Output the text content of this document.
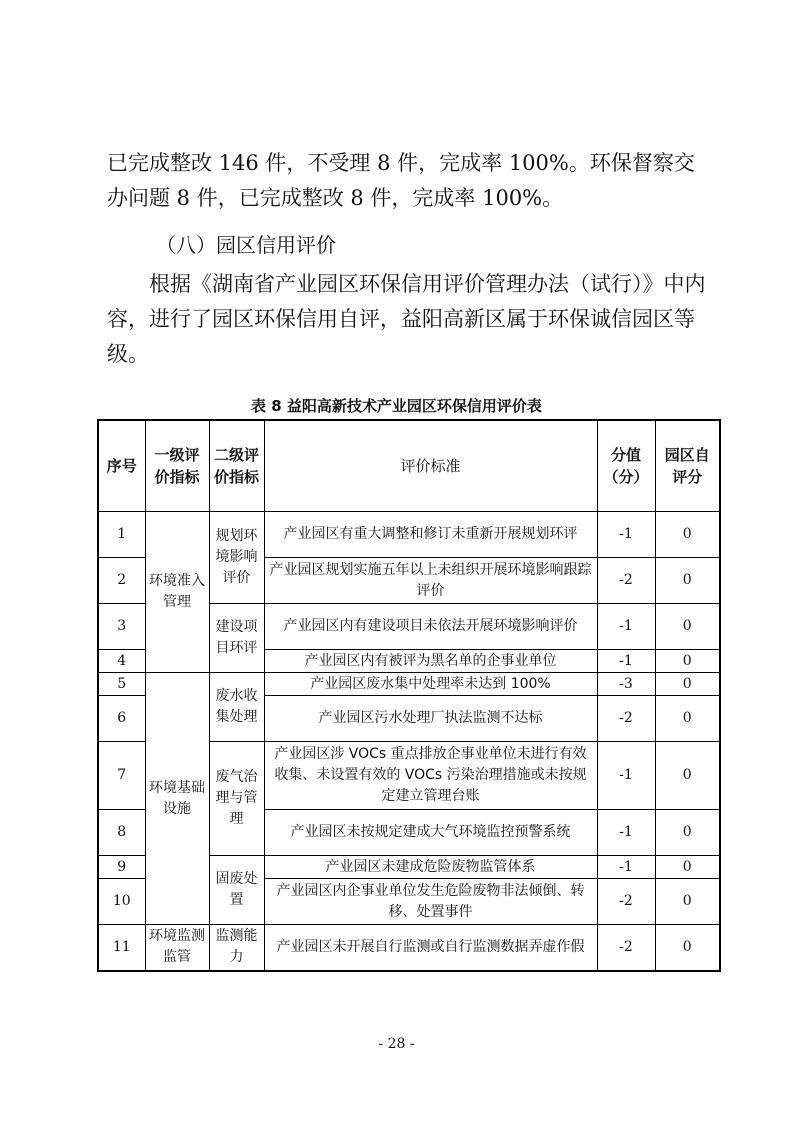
已完成整改 146 件，不受理 8 件，完成率 100%。环保督察交办问题 8 件，已完成整改 8 件，完成率 100%。

（八）园区信用评价

根据《湖南省产业园区环保信用评价管理办法（试行）》中内容，进行了园区环保信用自评，益阳高新区属于环保诚信园区等级。

表 8 益阳高新技术产业园区环保信用评价表
序号	一级评价指标	二级评价指标	评价标准	分值（分）	园区自评分
1	环境准入管理	规划环境影响评价	产业园区有重大调整和修订未重新开展规划环评	-1	0
2			产业园区规划实施五年以上未组织开展环境影响跟踪评价	-2	0
3		建设项目环评	产业园区内有建设项目未依法开展环境影响评价	-1	0
4			产业园区内有被评为黑名单的企事业单位	-1	0
5	环境基础设施	废水收集处理	产业园区废水集中处理率未达到 100%	-3	0
6			产业园区污水处理厂执法监测不达标	-2	0
7		废气治理与管理	产业园区涉 VOCs 重点排放企事业单位未进行有效收集、未设置有效的 VOCs 污染治理措施或未按规定建立管理台账	-1	0
8			产业园区未按规定建成大气环境监控预警系统	-1	0
9		固废处置	产业园区未建成危险废物监管体系	-1	0
10			产业园区内企事业单位发生危险废物非法倾倒、转移、处置事件	-2	0
11	环境监测监管	监测能力	产业园区未开展自行监测或自行监测数据弄虚作假	-2	0
- 28 -
